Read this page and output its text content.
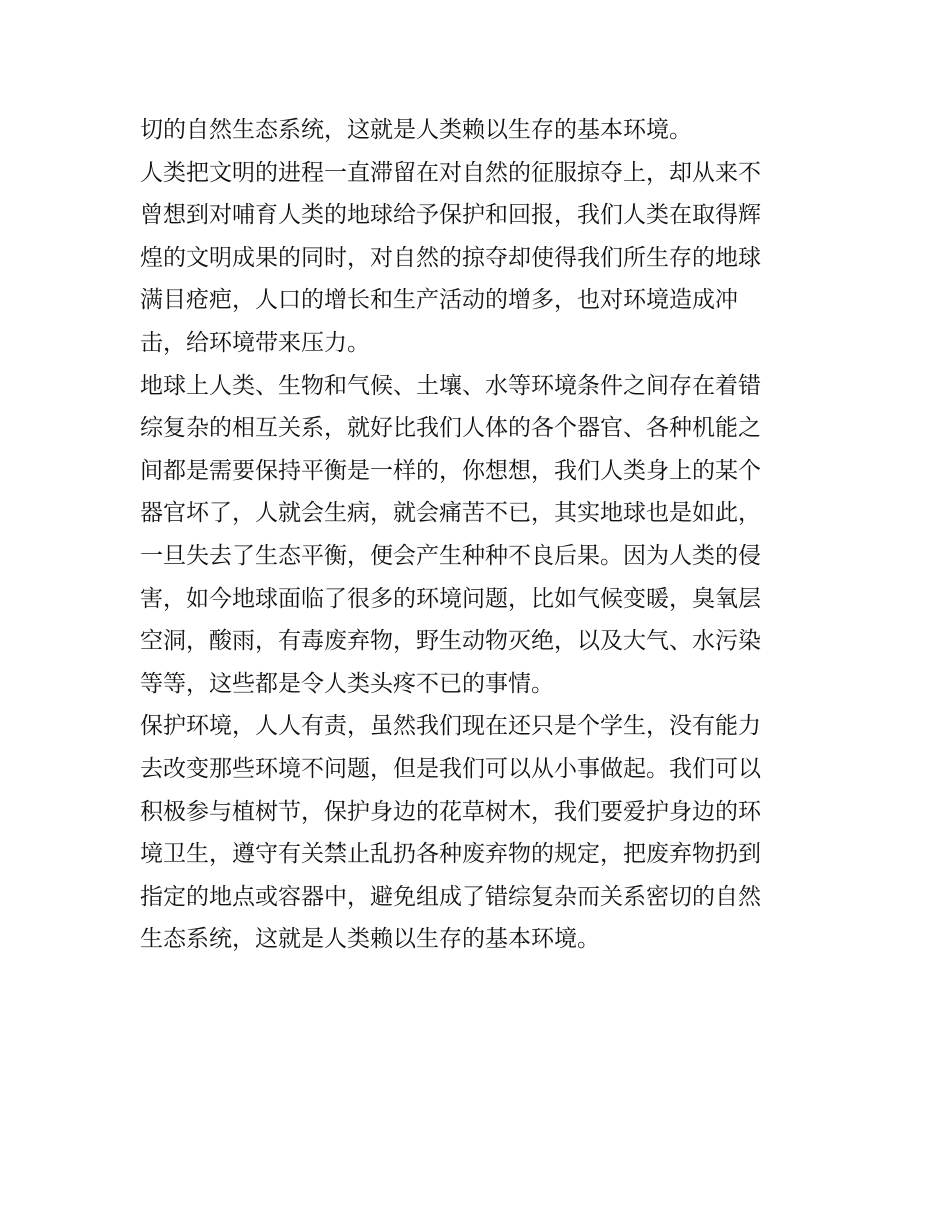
切的自然生态系统，这就是人类赖以生存的基本环境。
人类把文明的进程一直滞留在对自然的征服掠夺上，却从来不
曾想到对哺育人类的地球给予保护和回报，我们人类在取得辉
煌的文明成果的同时，对自然的掠夺却使得我们所生存的地球
满目疮疤，人口的增长和生产活动的增多，也对环境造成冲
击，给环境带来压力。
地球上人类、生物和气候、土壤、水等环境条件之间存在着错
综复杂的相互关系，就好比我们人体的各个器官、各种机能之
间都是需要保持平衡是一样的，你想想，我们人类身上的某个
器官坏了，人就会生病，就会痛苦不已，其实地球也是如此，
一旦失去了生态平衡，便会产生种种不良后果。因为人类的侵
害，如今地球面临了很多的环境问题，比如气候变暖，臭氧层
空洞，酸雨，有毒废弃物，野生动物灭绝，以及大气、水污染
等等，这些都是令人类头疼不已的事情。
保护环境，人人有责，虽然我们现在还只是个学生，没有能力
去改变那些环境不问题，但是我们可以从小事做起。我们可以
积极参与植树节，保护身边的花草树木，我们要爱护身边的环
境卫生，遵守有关禁止乱扔各种废弃物的规定，把废弃物扔到
指定的地点或容器中，避免组成了错综复杂而关系密切的自然
生态系统，这就是人类赖以生存的基本环境。
